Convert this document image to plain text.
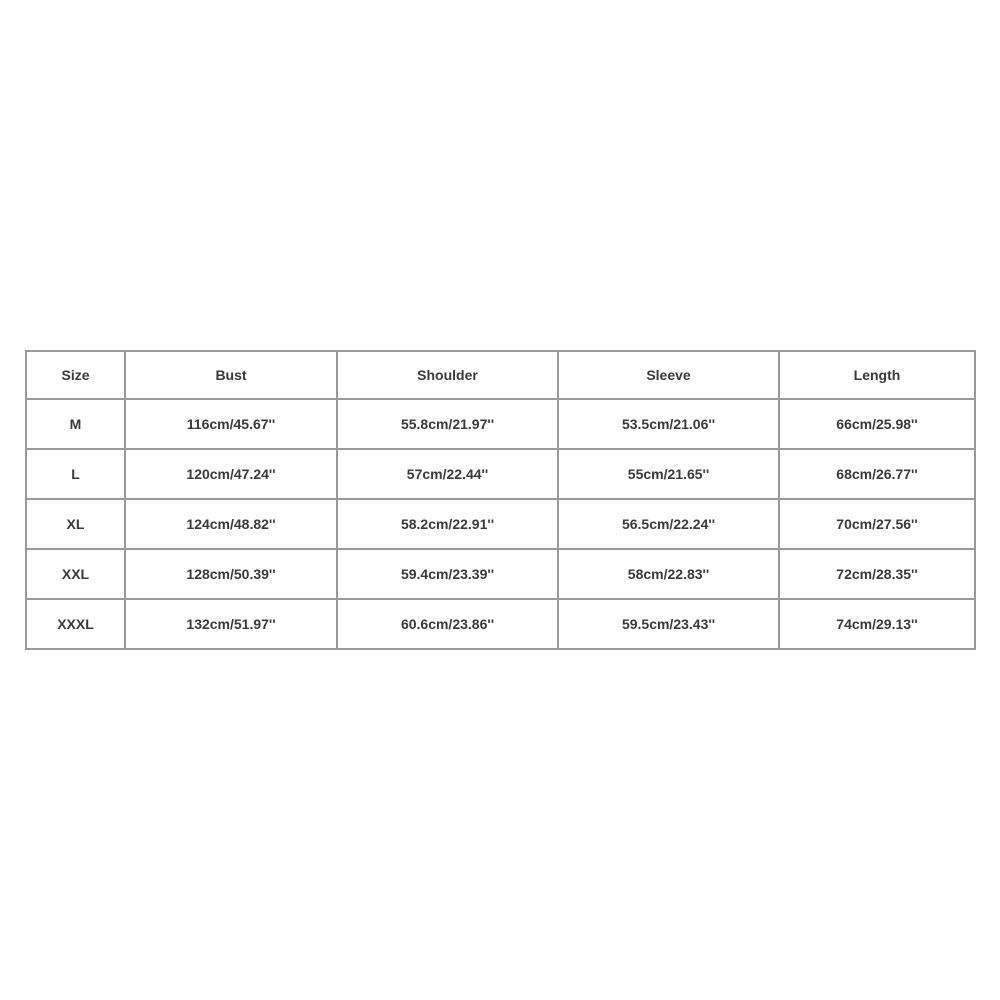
Size	Bust	Shoulder	Sleeve	Length
M	116cm/45.67''	55.8cm/21.97''	53.5cm/21.06''	66cm/25.98''
L	120cm/47.24''	57cm/22.44''	55cm/21.65''	68cm/26.77''
XL	124cm/48.82''	58.2cm/22.91''	56.5cm/22.24''	70cm/27.56''
XXL	128cm/50.39''	59.4cm/23.39''	58cm/22.83''	72cm/28.35''
XXXL	132cm/51.97''	60.6cm/23.86''	59.5cm/23.43''	74cm/29.13''
